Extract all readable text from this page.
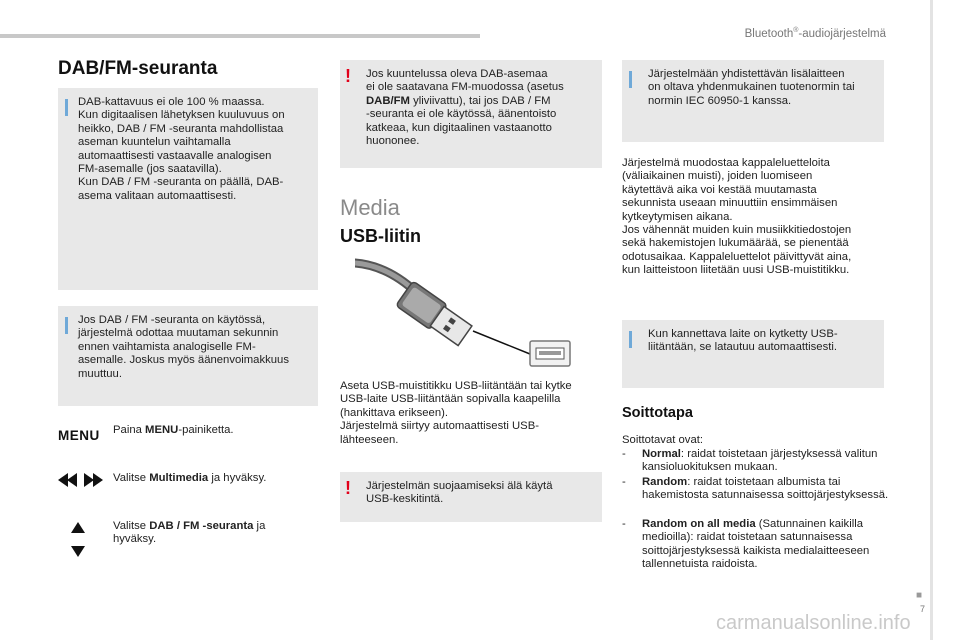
Bluetooth®-audiojärjestelmä
DAB/FM-seuranta
DAB-kattavuus ei ole 100 % maassa.
Kun digitaalisen lähetyksen kuuluvuus on
heikko, DAB / FM -seuranta mahdollistaa
aseman kuuntelun vaihtamalla
automaattisesti vastaavalle analogisen
FM-asemalle (jos saatavilla).
Kun DAB / FM -seuranta on päällä, DAB-
asema valitaan automaattisesti.
Jos DAB / FM -seuranta on käytössä,
järjestelmä odottaa muutaman sekunnin
ennen vaihtamista analogiselle FM-
asemalle. Joskus myös äänenvoimakkuus
muuttuu.
MENU Paina MENU-painiketta.
Valitse Multimedia ja hyväksy.
Valitse DAB / FM -seuranta ja
hyväksy.
! Jos kuuntelussa oleva DAB-asemaa
ei ole saatavana FM-muodossa (asetus
DAB/FM yliviivattu), tai jos DAB / FM
-seuranta ei ole käytössä, äänentoisto
katkeaa, kun digitaalinen vastaanotto
huononee.
Media
USB-liitin
Aseta USB-muistitikku USB-liitäntään tai kytke
USB-laite USB-liitäntään sopivalla kaapelilla
(hankittava erikseen).
Järjestelmä siirtyy automaattisesti USB-
lähteeseen.
! Järjestelmän suojaamiseksi älä käytä
USB-keskitintä.
Järjestelmään yhdistettävän lisälaitteen
on oltava yhdenmukainen tuotenormin tai
normin IEC 60950-1 kanssa.
Järjestelmä muodostaa kappaleluetteloita
(väliaikainen muisti), joiden luomiseen
käytettävä aika voi kestää muutamasta
sekunnista useaan minuuttiin ensimmäisen
kytkeytymisen aikana.
Jos vähennät muiden kuin musiikkitiedostojen
sekä hakemistojen lukumäärää, se pienentää
odotusaikaa. Kappaleluettelot päivittyvät aina,
kun laitteistoon liitetään uusi USB-muistitikku.
Kun kannettava laite on kytketty USB-
liitäntään, se latautuu automaattisesti.
Soittotapa
Soittotavat ovat:
- Normal: raidat toistetaan järjestyksessä valitun kansioluokituksen mukaan.
- Random: raidat toistetaan albumista tai hakemistosta satunnaisessa soittojärjestyksessä.
- Random on all media (Satunnainen kaikilla medioilla): raidat toistetaan satunnaisessa soittojärjestyksessä kaikista medialaitteeseen tallennetuista raidoista.
■
7
carmanualsonline.info
